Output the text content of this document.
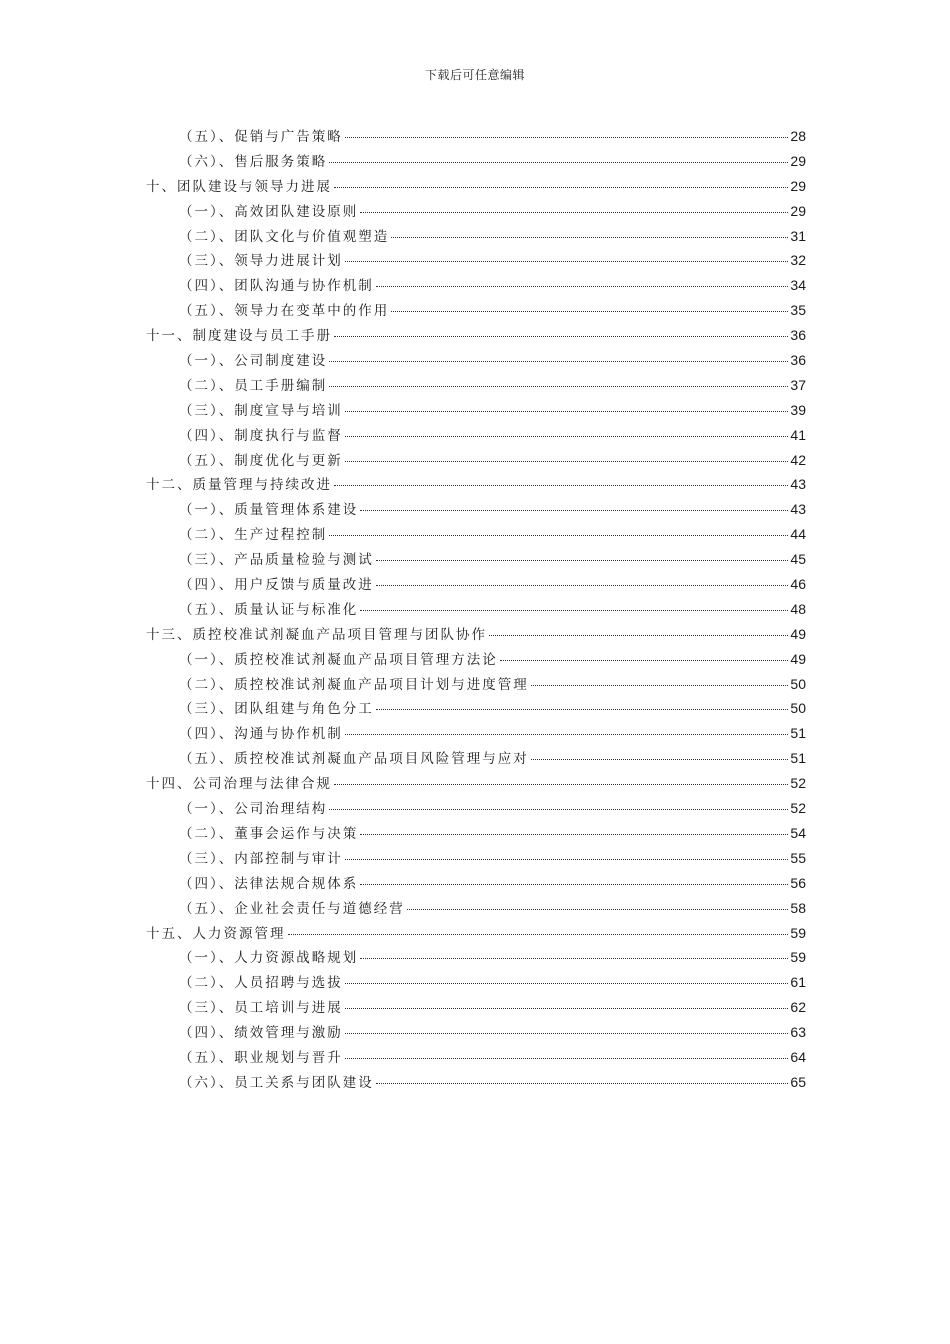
下载后可任意编辑
（五）、促销与广告策略	28
（六）、售后服务策略	29
十、团队建设与领导力进展	29
（一）、高效团队建设原则	29
（二）、团队文化与价值观塑造	31
（三）、领导力进展计划	32
（四）、团队沟通与协作机制	34
（五）、领导力在变革中的作用	35
十一、制度建设与员工手册	36
（一）、公司制度建设	36
（二）、员工手册编制	37
（三）、制度宣导与培训	39
（四）、制度执行与监督	41
（五）、制度优化与更新	42
十二、质量管理与持续改进	43
（一）、质量管理体系建设	43
（二）、生产过程控制	44
（三）、产品质量检验与测试	45
（四）、用户反馈与质量改进	46
（五）、质量认证与标准化	48
十三、质控校准试剂凝血产品项目管理与团队协作	49
（一）、质控校准试剂凝血产品项目管理方法论	49
（二）、质控校准试剂凝血产品项目计划与进度管理	50
（三）、团队组建与角色分工	50
（四）、沟通与协作机制	51
（五）、质控校准试剂凝血产品项目风险管理与应对	51
十四、公司治理与法律合规	52
（一）、公司治理结构	52
（二）、董事会运作与决策	54
（三）、内部控制与审计	55
（四）、法律法规合规体系	56
（五）、企业社会责任与道德经营	58
十五、人力资源管理	59
（一）、人力资源战略规划	59
（二）、人员招聘与选拔	61
（三）、员工培训与进展	62
（四）、绩效管理与激励	63
（五）、职业规划与晋升	64
（六）、员工关系与团队建设	65
